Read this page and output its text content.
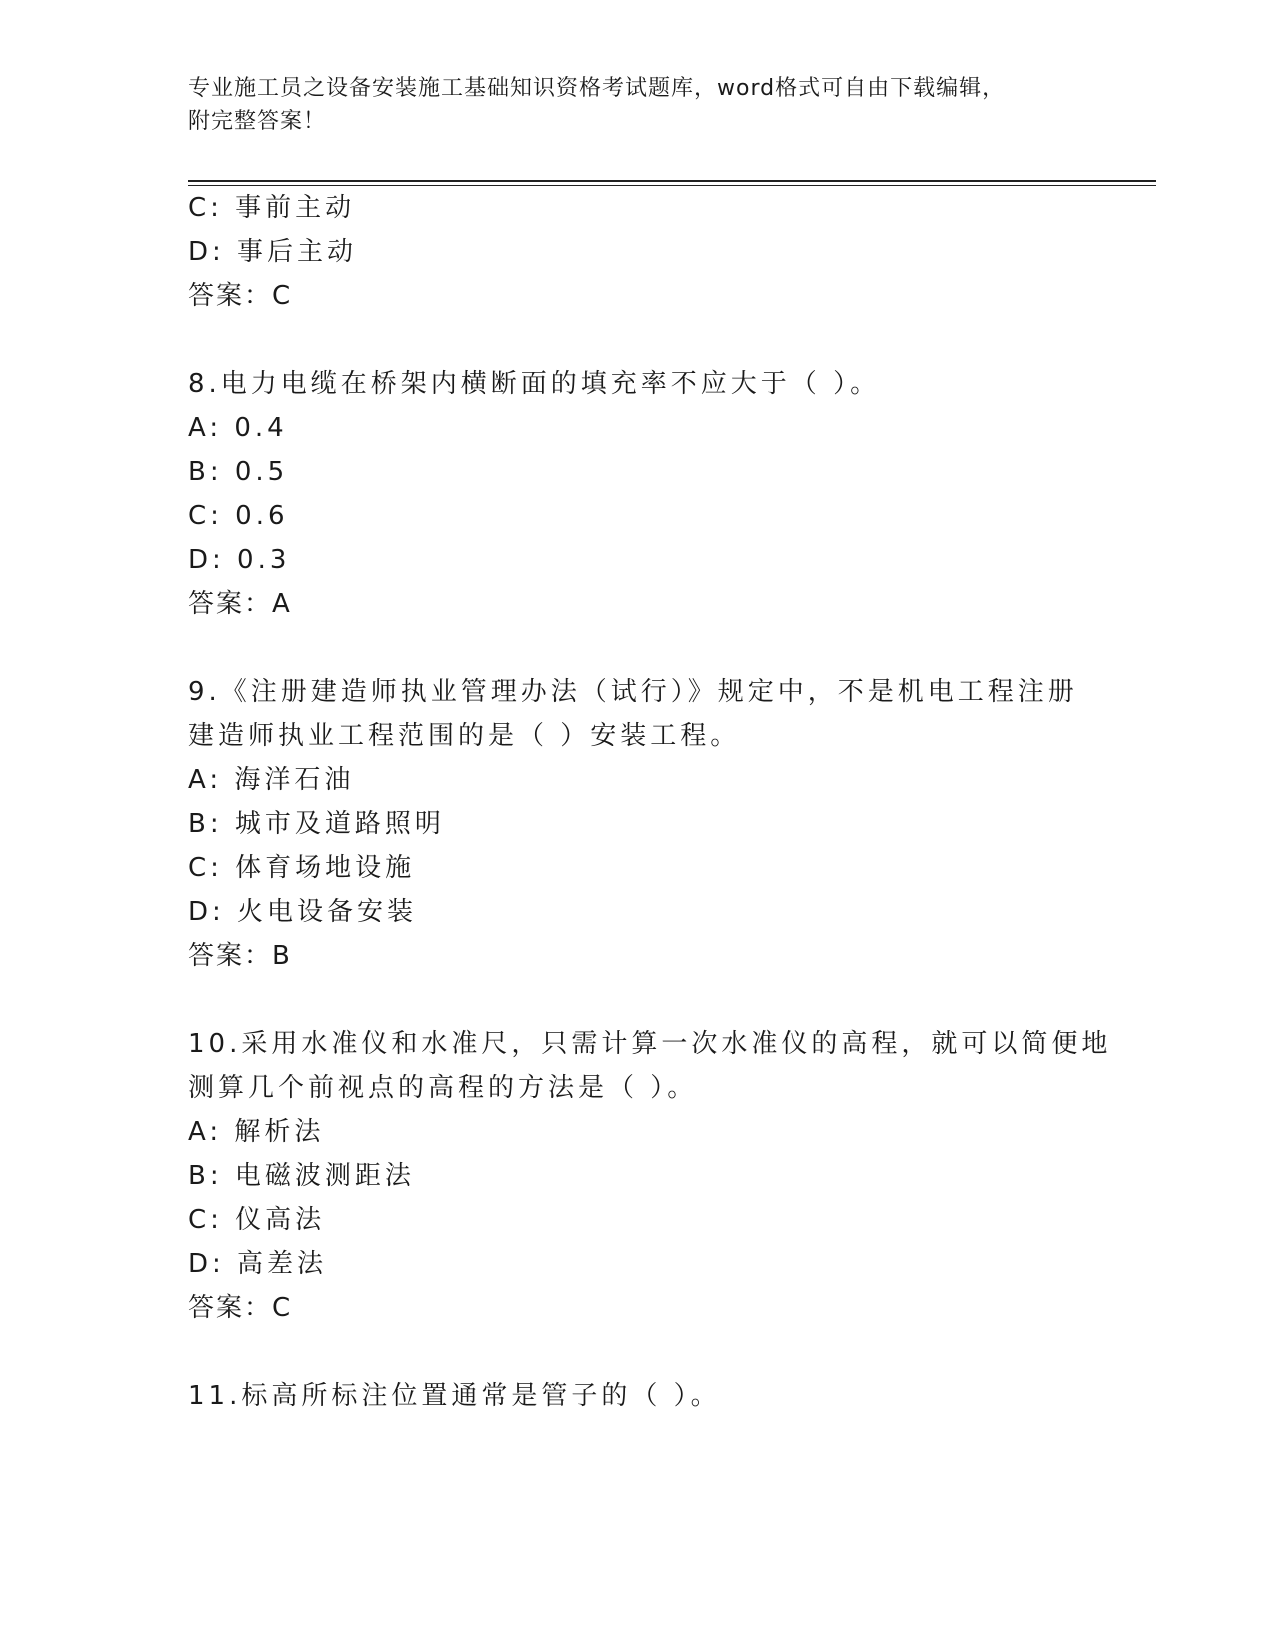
专业施工员之设备安装施工基础知识资格考试题库，word格式可自由下载编辑，
附完整答案！
C: 事前主动
D: 事后主动
答案：C
8.电力电缆在桥架内横断面的填充率不应大于（ ）。
A: 0.4
B: 0.5
C: 0.6
D: 0.3
答案：A
9.《注册建造师执业管理办法（试行）》规定中，不是机电工程注册
建造师执业工程范围的是（ ）安装工程。
A: 海洋石油
B: 城市及道路照明
C: 体育场地设施
D: 火电设备安装
答案：B
10.采用水准仪和水准尺，只需计算一次水准仪的高程，就可以简便地
测算几个前视点的高程的方法是（ ）。
A: 解析法
B: 电磁波测距法
C: 仪高法
D: 高差法
答案：C
11.标高所标注位置通常是管子的（ ）。
